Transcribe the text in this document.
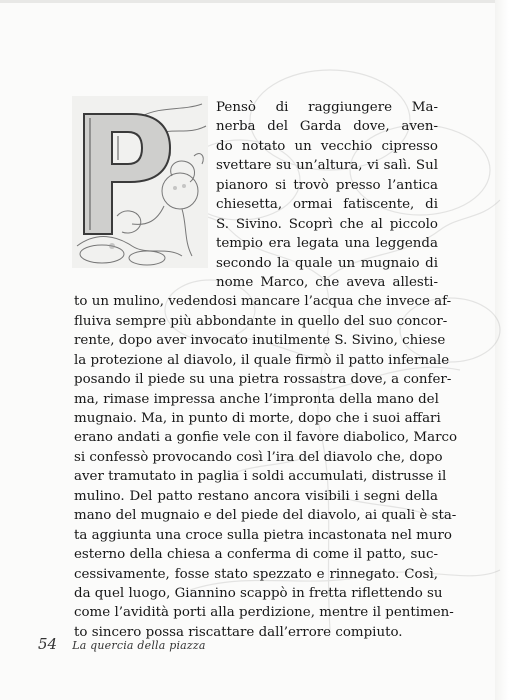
Pensò di raggiungere Ma-
nerba del Garda dove, aven-
do notato un vecchio cipresso
svettare su un’altura, vi salì. Sul
pianoro si trovò presso l’antica
chiesetta, ormai fatiscente, di
S. Sivino. Scoprì che al piccolo
tempio era legata una leggenda
secondo la quale un mugnaio di
nome Marco, che aveva allesti-
to un mulino, vedendosi mancare l’acqua che invece af-
fluiva sempre più abbondante in quello del suo concor-
rente, dopo aver invocato inutilmente S. Sivino, chiese
la protezione al diavolo, il quale firmò il patto infernale
posando il piede su una pietra rossastra dove, a confer-
ma, rimase impressa anche l’impronta della mano del
mugnaio. Ma, in punto di morte, dopo che i suoi affari
erano andati a gonfie vele con il favore diabolico, Marco
si confessò provocando così l’ira del diavolo che, dopo
aver tramutato in paglia i soldi accumulati, distrusse il
mulino. Del patto restano ancora visibili i segni della
mano del mugnaio e del piede del diavolo, ai quali è sta-
ta aggiunta una croce sulla pietra incastonata nel muro
esterno della chiesa a conferma di come il patto, suc-
cessivamente, fosse stato spezzato e rinnegato. Così,
da quel luogo, Giannino scappò in fretta riflettendo su
come l’avidità porti alla perdizione, mentre il pentimen-
to sincero possa riscattare dall’errore compiuto.
54 La quercia della piazza
